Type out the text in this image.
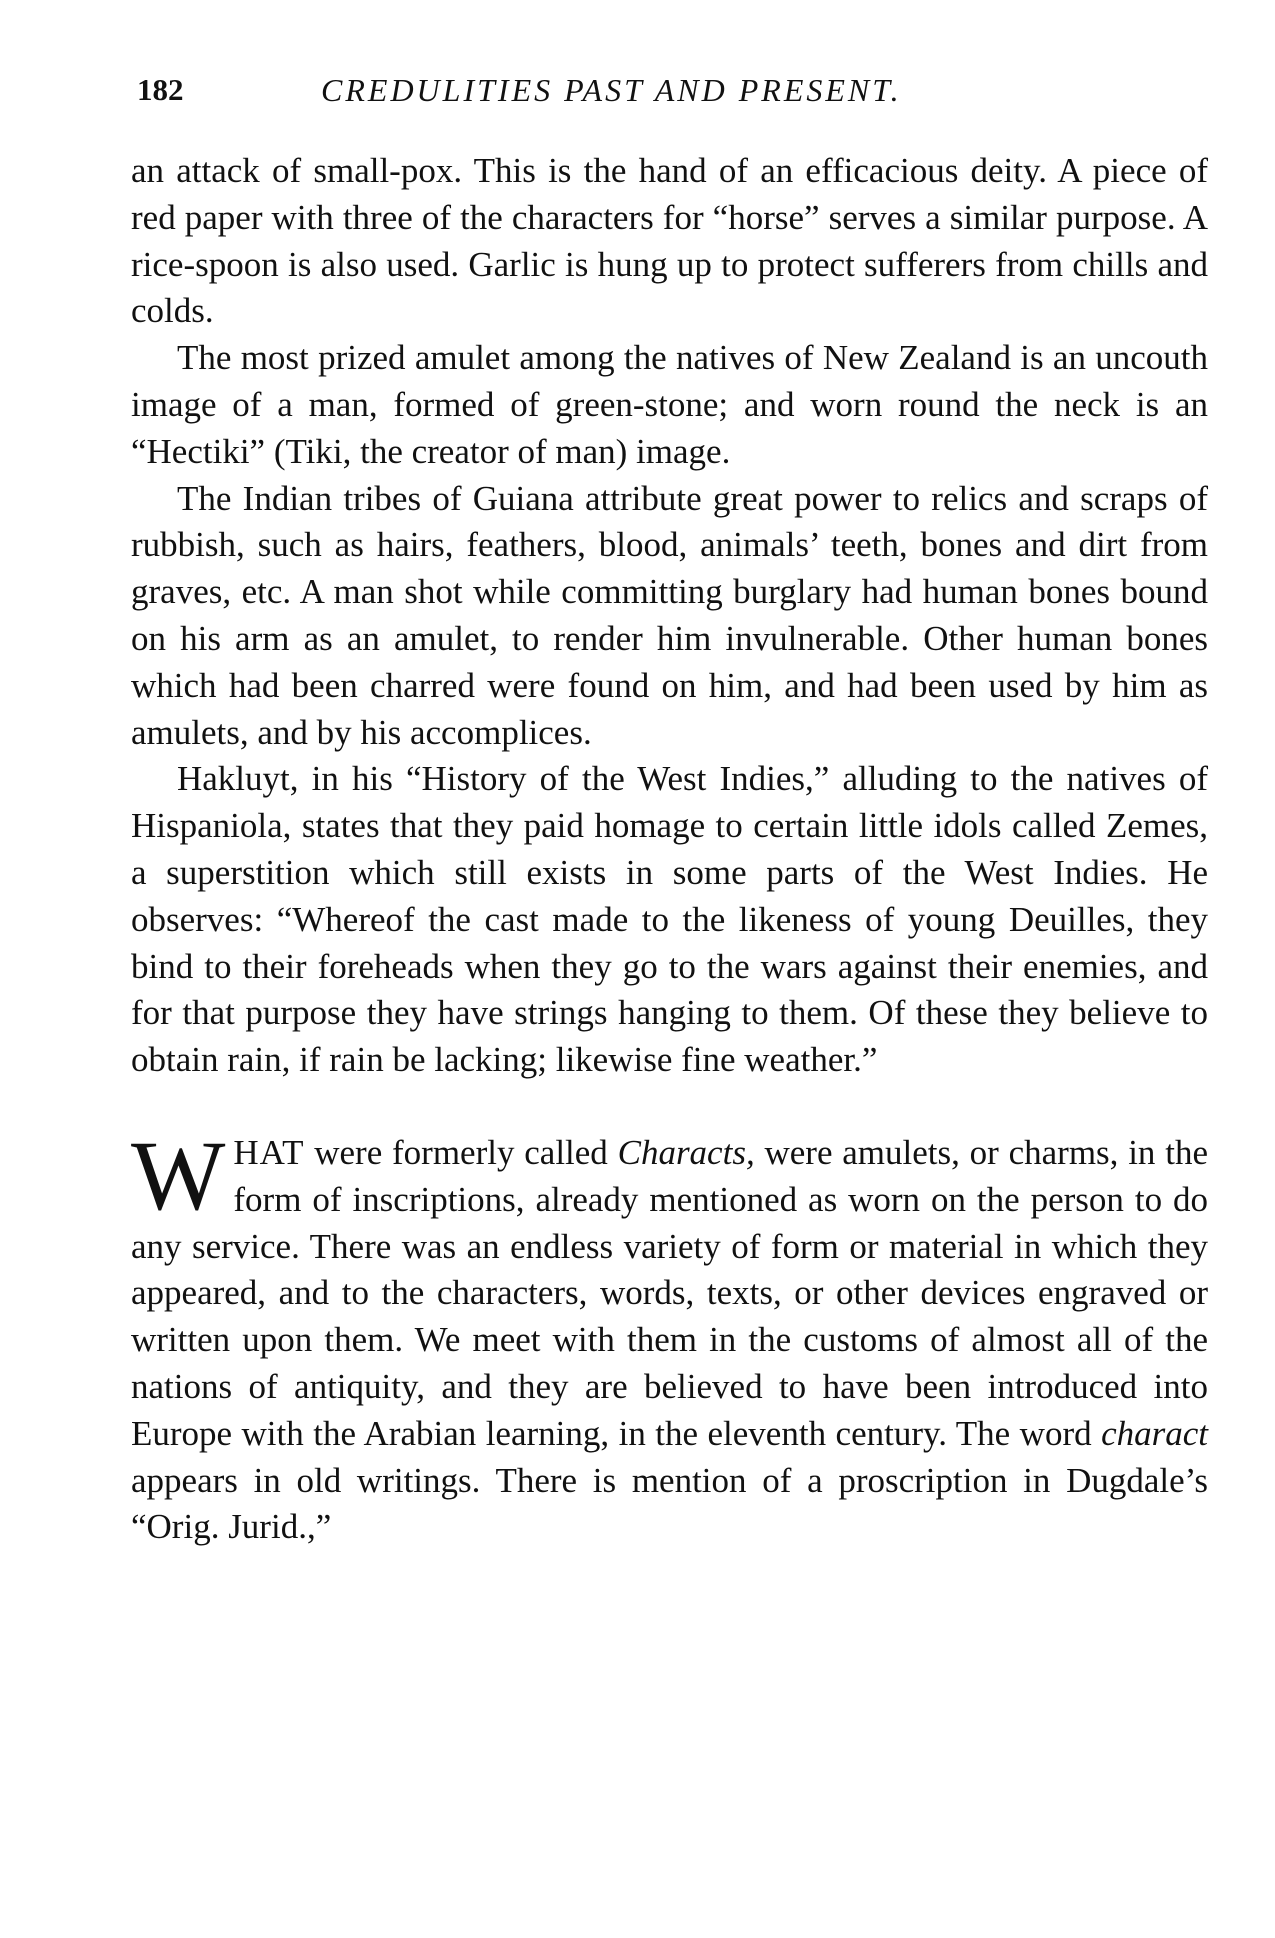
182	CREDULITIES PAST AND PRESENT.

an attack of small-pox. This is the hand of an efficacious deity. A piece of red paper with three of the characters for “horse” serves a similar purpose. A rice-spoon is also used. Garlic is hung up to protect sufferers from chills and colds.

The most prized amulet among the natives of New Zealand is an uncouth image of a man, formed of green-stone; and worn round the neck is an “Hectiki” (Tiki, the creator of man) image.

The Indian tribes of Guiana attribute great power to relics and scraps of rubbish, such as hairs, feathers, blood, animals’ teeth, bones and dirt from graves, etc. A man shot while committing burglary had human bones bound on his arm as an amulet, to render him invulnerable. Other human bones which had been charred were found on him, and had been used by him as amulets, and by his accomplices.

Hakluyt, in his “History of the West Indies,” alluding to the natives of Hispaniola, states that they paid homage to certain little idols called Zemes, a superstition which still exists in some parts of the West Indies. He observes: “Whereof the cast made to the likeness of young Deuilles, they bind to their foreheads when they go to the wars against their enemies, and for that purpose they have strings hanging to them. Of these they believe to obtain rain, if rain be lacking; likewise fine weather.”

WHAT were formerly called Characts, were amulets, or charms, in the form of inscriptions, already mentioned as worn on the person to do any service. There was an endless variety of form or material in which they appeared, and to the characters, words, texts, or other devices engraved or written upon them. We meet with them in the customs of almost all of the nations of antiquity, and they are believed to have been introduced into Europe with the Arabian learning, in the eleventh century. The word charact appears in old writings. There is mention of a proscription in Dugdale’s “Orig. Jurid.,”
